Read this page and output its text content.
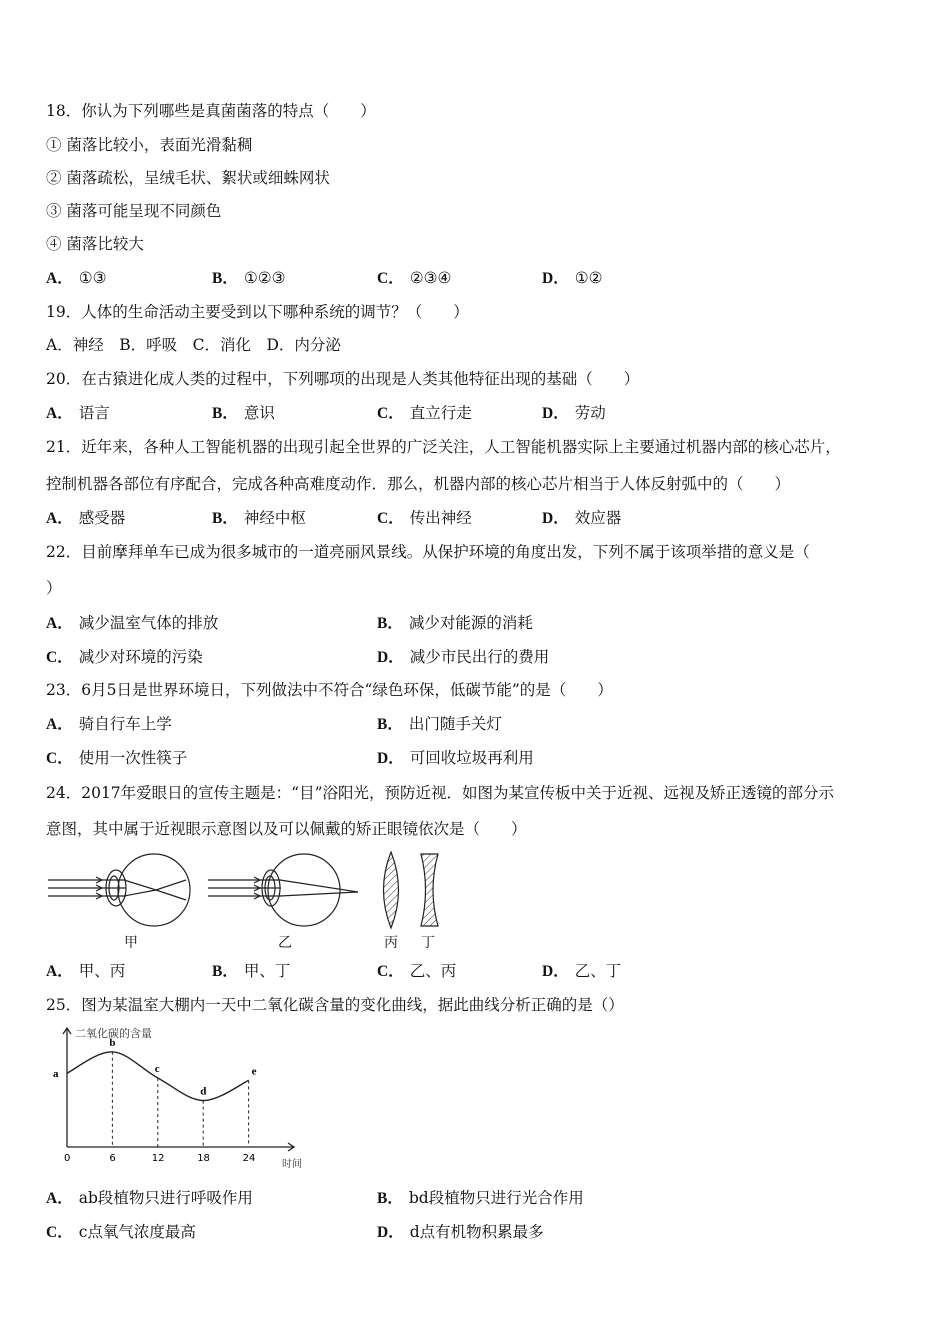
18．你认为下列哪些是真菌菌落的特点（　　）
① 菌落比较小，表面光滑黏稠
② 菌落疏松，呈绒毛状、絮状或细蛛网状
③ 菌落可能呈现不同颜色
④ 菌落比较大
A． ①③	B． ①②③	C． ②③④	D． ①②
19．人体的生命活动主要受到以下哪种系统的调节？（　　）
A．神经　B．呼吸　C．消化　D．内分泌
20．在古猿进化成人类的过程中，下列哪项的出现是人类其他特征出现的基础（　　）
A． 语言	B． 意识	C． 直立行走	D． 劳动
21．近年来，各种人工智能机器的出现引起全世界的广泛关注，人工智能机器实际上主要通过机器内部的核心芯片，
控制机器各部位有序配合，完成各种高难度动作．那么，机器内部的核心芯片相当于人体反射弧中的（　　）
A． 感受器	B． 神经中枢	C． 传出神经	D． 效应器
22．目前摩拜单车已成为很多城市的一道亮丽风景线。从保护环境的角度出发，下列不属于该项举措的意义是（
）
A． 减少温室气体的排放	B． 减少对能源的消耗
C． 减少对环境的污染	D． 减少市民出行的费用
23．6月5日是世界环境日，下列做法中不符合“绿色环保，低碳节能”的是（　　）
A． 骑自行车上学	B． 出门随手关灯
C． 使用一次性筷子	D． 可回收垃圾再利用
24．2017年爱眼日的宣传主题是：“目”浴阳光，预防近视．如图为某宣传板中关于近视、远视及矫正透镜的部分示
意图，其中属于近视眼示意图以及可以佩戴的矫正眼镜依次是（　　）
甲	乙	丙 丁
A． 甲、丙	B． 甲、丁	C． 乙、丙	D． 乙、丁
25．图为某温室大棚内一天中二氧化碳含量的变化曲线，据此曲线分析正确的是（）
二氧化碳的含量
时间
a
b
c
d
e
0	6	12	18	24
A． ab段植物只进行呼吸作用	B． bd段植物只进行光合作用
C． c点氧气浓度最高	D． d点有机物积累最多
